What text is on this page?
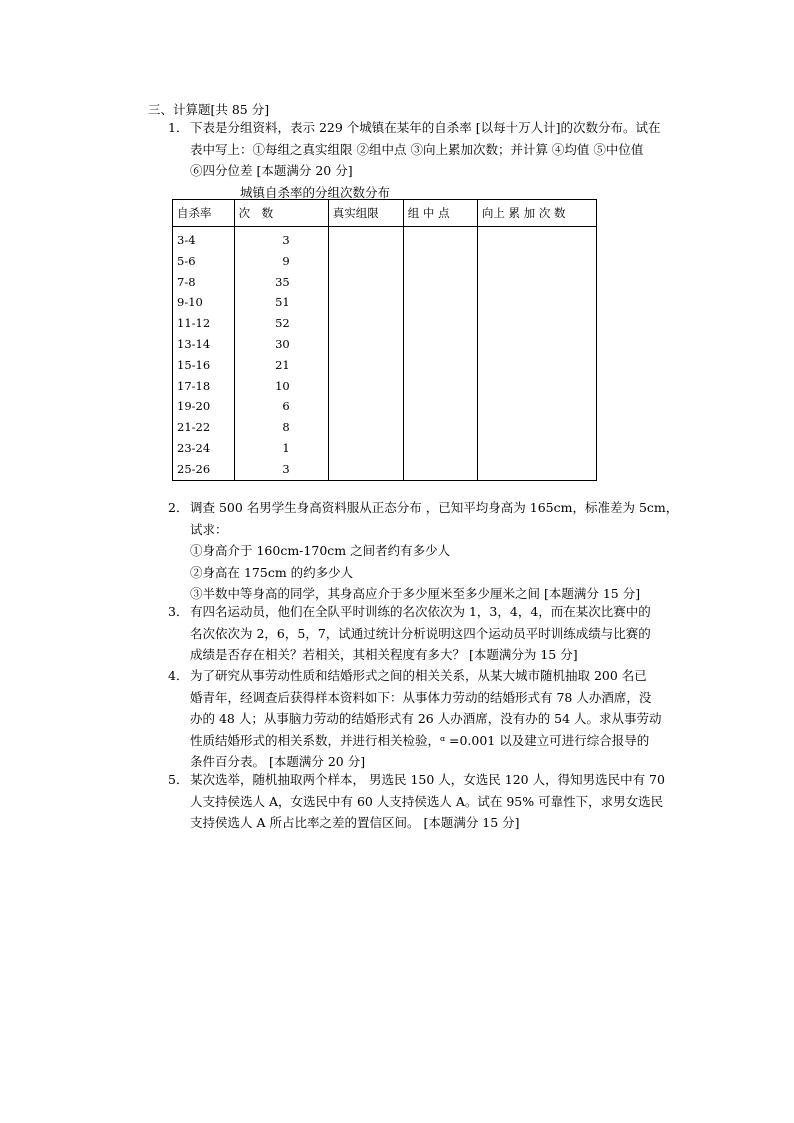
三、计算题[共 85 分]
1． 下表是分组资料，表示 229 个城镇在某年的自杀率 [以每十万人计]的次数分布。试在
表中写上：①每组之真实组限 ②组中点 ③向上累加次数；并计算 ④均值 ⑤中位值
⑥四分位差 [本题满分 20 分]
城镇自杀率的分组次数分布
自杀率	次　数	真实组限	组 中 点	向上 累 加 次 数
3-4	3			
5-6	9			
7-8	35			
9-10	51			
11-12	52			
13-14	30			
15-16	21			
17-18	10			
19-20	6			
21-22	8			
23-24	1			
25-26	3			
2． 调查 500 名男学生身高资料服从正态分布 ，已知平均身高为 165cm，标准差为 5cm，
试求：
①身高介于 160cm-170cm 之间者约有多少人
②身高在 175cm 的约多少人
③半数中等身高的同学，其身高应介于多少厘米至多少厘米之间 [本题满分 15 分]
3． 有四名运动员，他们在全队平时训练的名次依次为 1，3，4，4，而在某次比赛中的
名次依次为 2，6，5，7，试通过统计分析说明这四个运动员平时训练成绩与比赛的
成绩是否存在相关？若相关，其相关程度有多大？ [本题满分为 15 分]
4． 为了研究从事劳动性质和结婚形式之间的相关关系，从某大城市随机抽取 200 名已
婚青年，经调查后获得样本资料如下：从事体力劳动的结婚形式有 78 人办酒席，没
办的 48 人；从事脑力劳动的结婚形式有 26 人办酒席，没有办的 54 人。求从事劳动
性质结婚形式的相关系数，并进行相关检验，ᵅ =0.001 以及建立可进行综合报导的
条件百分表。 [本题满分 20 分]
5． 某次选举，随机抽取两个样本， 男选民 150 人，女选民 120 人，得知男选民中有 70
人支持侯选人 A，女选民中有 60 人支持侯选人 A。试在 95% 可靠性下，求男女选民
支持侯选人 A 所占比率之差的置信区间。 [本题满分 15 分]
